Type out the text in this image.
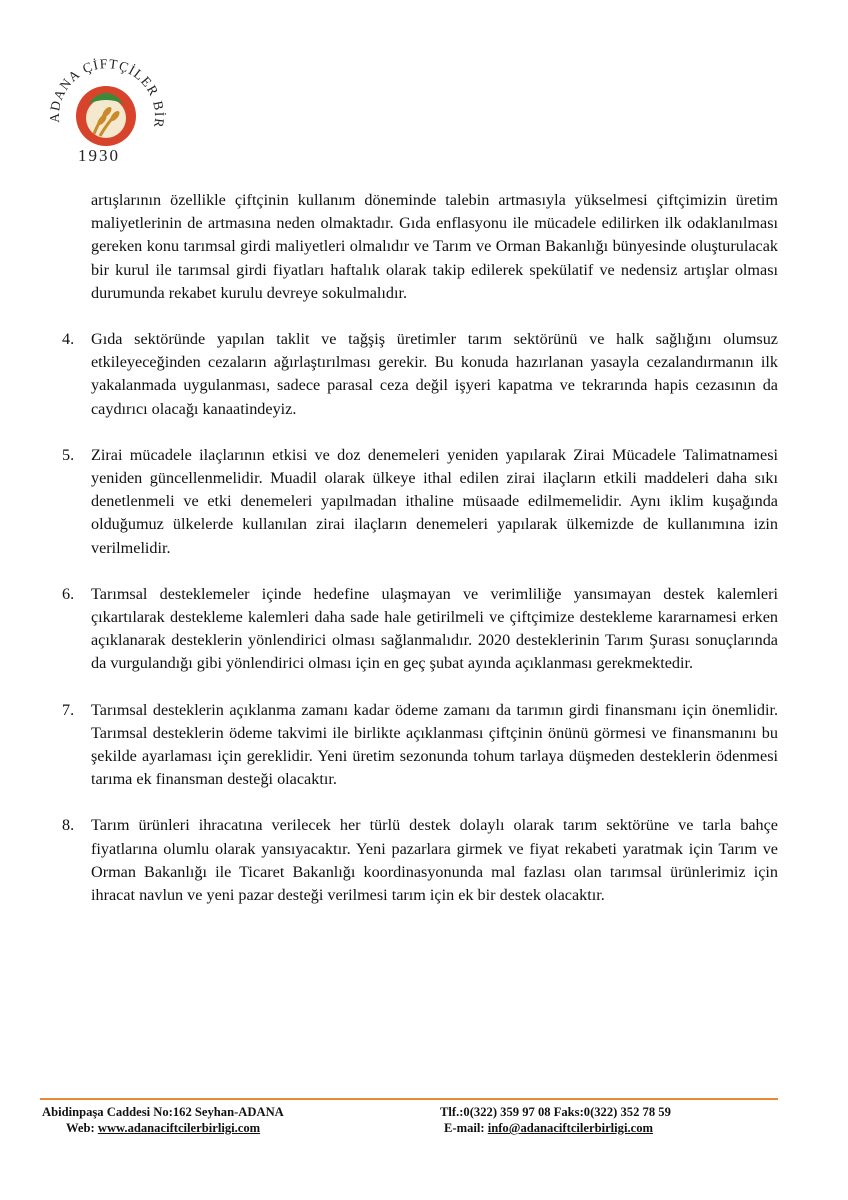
ADANA ÇİFTÇİLER BİR
1930

artışlarının özellikle çiftçinin kullanım döneminde talebin artmasıyla yükselmesi çiftçimizin üretim maliyetlerinin de artmasına neden olmaktadır. Gıda enflasyonu ile mücadele edilirken ilk odaklanılması gereken konu tarımsal girdi maliyetleri olmalıdır ve Tarım ve Orman Bakanlığı bünyesinde oluşturulacak bir kurul ile tarımsal girdi fiyatları haftalık olarak takip edilerek spekülatif ve nedensiz artışlar olması durumunda rekabet kurulu devreye sokulmalıdır.

4.	Gıda sektöründe yapılan taklit ve tağşiş üretimler tarım sektörünü ve halk sağlığını olumsuz etkileyeceğinden cezaların ağırlaştırılması gerekir. Bu konuda hazırlanan yasayla cezalandırmanın ilk yakalanmada uygulanması, sadece parasal ceza değil işyeri kapatma ve tekrarında hapis cezasının da caydırıcı olacağı kanaatindeyiz.

5.	Zirai mücadele ilaçlarının etkisi ve doz denemeleri yeniden yapılarak Zirai Mücadele Talimatnamesi yeniden güncellenmelidir. Muadil olarak ülkeye ithal edilen zirai ilaçların etkili maddeleri daha sıkı denetlenmeli ve etki denemeleri yapılmadan ithaline müsaade edilmemelidir. Aynı iklim kuşağında olduğumuz ülkelerde kullanılan zirai ilaçların denemeleri yapılarak ülkemizde de kullanımına izin verilmelidir.

6.	Tarımsal desteklemeler içinde hedefine ulaşmayan ve verimliliğe yansımayan destek kalemleri çıkartılarak destekleme kalemleri daha sade hale getirilmeli ve çiftçimize destekleme kararnamesi erken açıklanarak desteklerin yönlendirici olması sağlanmalıdır. 2020 desteklerinin Tarım Şurası sonuçlarında da vurgulandığı gibi yönlendirici olması için en geç şubat ayında açıklanması gerekmektedir.

7.	Tarımsal desteklerin açıklanma zamanı kadar ödeme zamanı da tarımın girdi finansmanı için önemlidir. Tarımsal desteklerin ödeme takvimi ile birlikte açıklanması çiftçinin önünü görmesi ve finansmanını bu şekilde ayarlaması için gereklidir. Yeni üretim sezonunda tohum tarlaya düşmeden desteklerin ödenmesi tarıma ek finansman desteği olacaktır.

8.	Tarım ürünleri ihracatına verilecek her türlü destek dolaylı olarak tarım sektörüne ve tarla bahçe fiyatlarına olumlu olarak yansıyacaktır. Yeni pazarlara girmek ve fiyat rekabeti yaratmak için Tarım ve Orman Bakanlığı ile Ticaret Bakanlığı koordinasyonunda mal fazlası olan tarımsal ürünlerimiz için ihracat navlun ve yeni pazar desteği verilmesi tarım için ek bir destek olacaktır.

Abidinpaşa Caddesi No:162 Seyhan-ADANA
Web: www.adanaciftcilerbirligi.com
Tlf.:0(322) 359 97 08 Faks:0(322) 352 78 59
E-mail: info@adanaciftcilerbirligi.com
